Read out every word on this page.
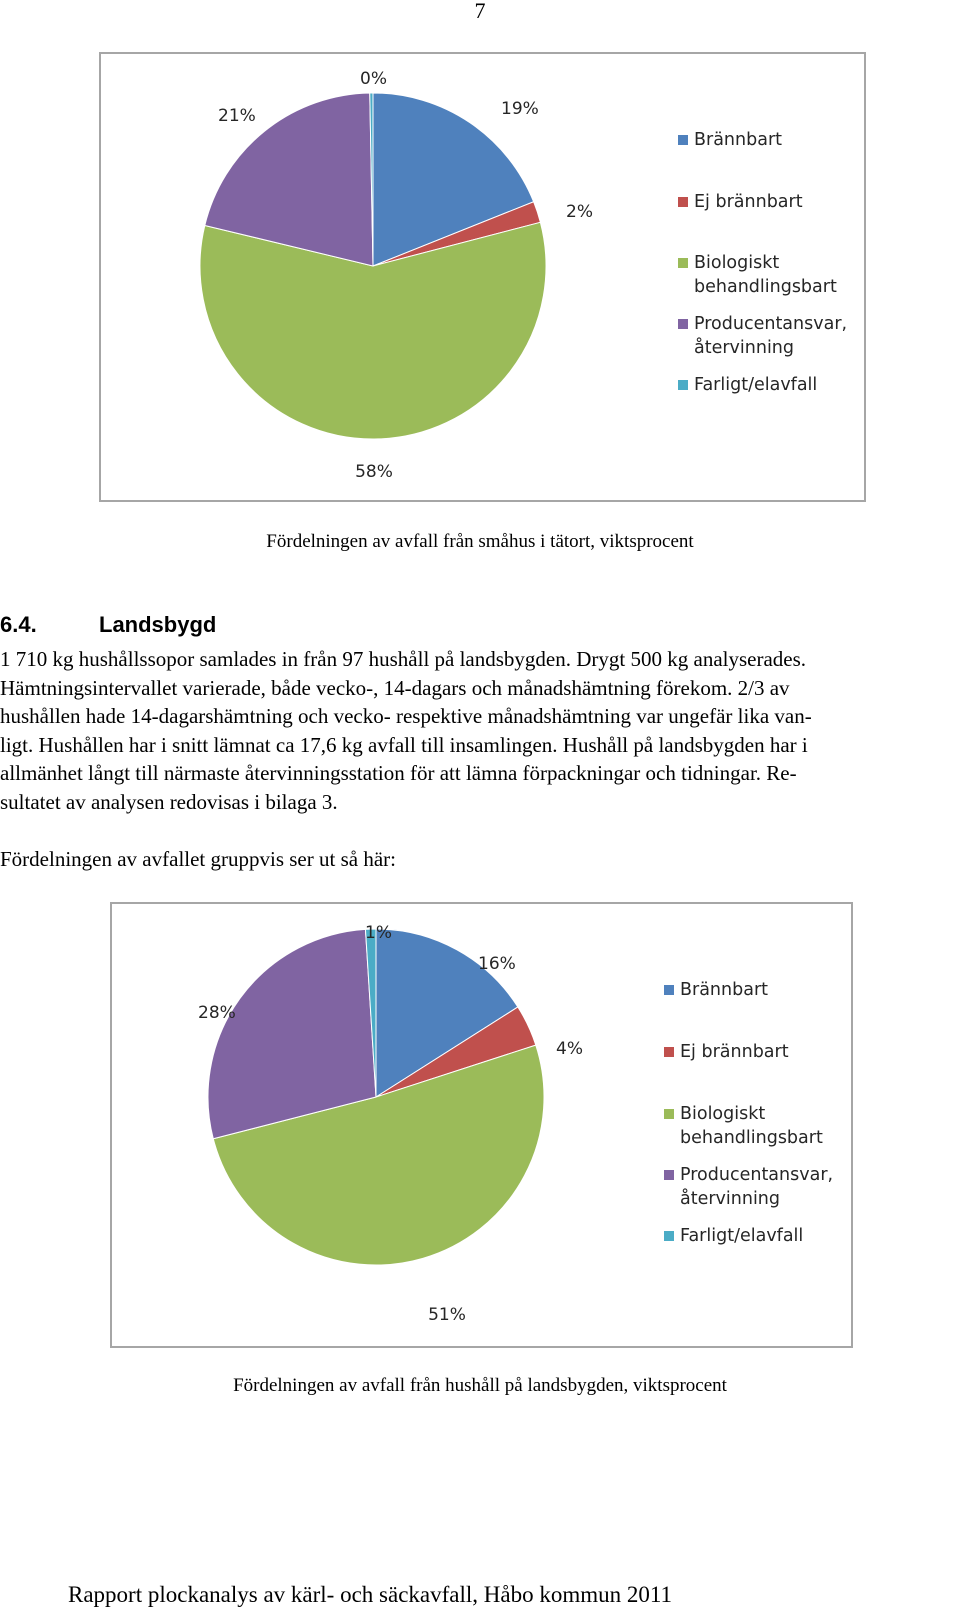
7
19%
2%
58%
21%
0%
Brännbart
Ej brännbart
Biologiskt
behandlingsbart
Producentansvar,
återvinning
Farligt/elavfall
Fördelningen av avfall från småhus i tätort, viktsprocent
6.4.	Landsbygd
1 710 kg hushållssopor samlades in från 97 hushåll på landsbygden. Drygt 500 kg analyserades.
Hämtningsintervallet varierade, både vecko-, 14-dagars och månadshämtning förekom. 2/3 av
hushållen hade 14-dagarshämtning och vecko- respektive månadshämtning var ungefär lika van-
ligt. Hushållen har i snitt lämnat ca 17,6 kg avfall till insamlingen. Hushåll på landsbygden har i
allmänhet långt till närmaste återvinningsstation för att lämna förpackningar och tidningar. Re-
sultatet av analysen redovisas i bilaga 3.
Fördelningen av avfallet gruppvis ser ut så här:
16%
4%
51%
28%
1%
Brännbart
Ej brännbart
Biologiskt
behandlingsbart
Producentansvar,
återvinning
Farligt/elavfall
Fördelningen av avfall från hushåll på landsbygden, viktsprocent
Rapport plockanalys av kärl- och säckavfall, Håbo kommun 2011
